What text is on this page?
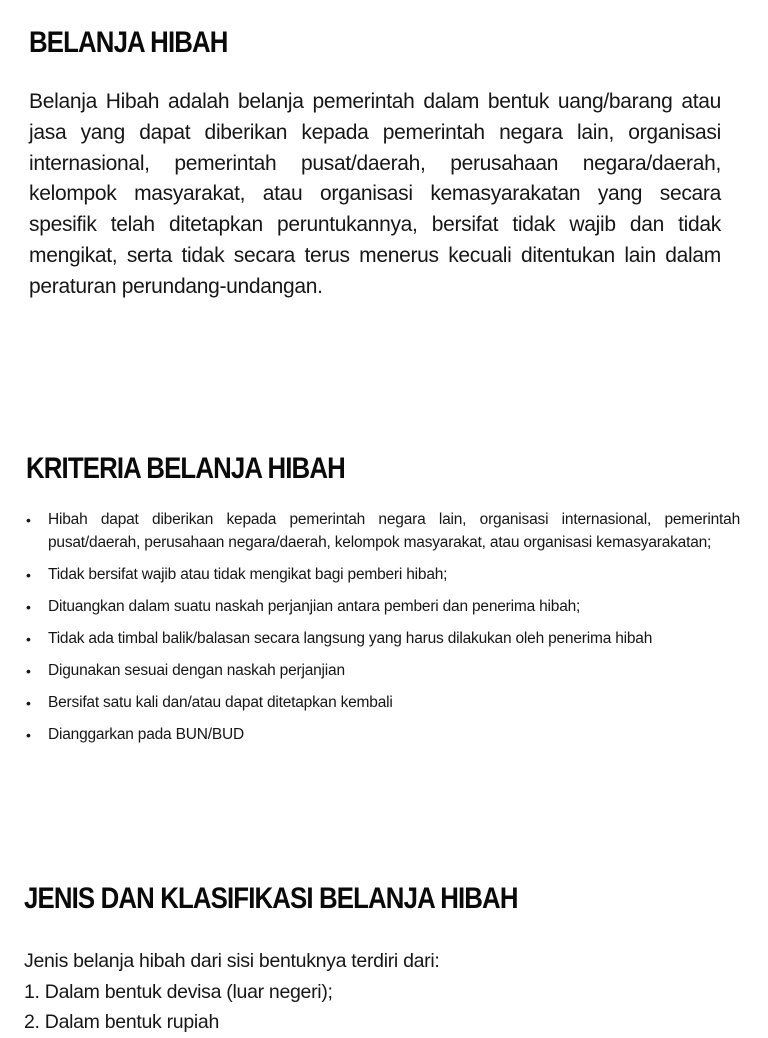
BELANJA HIBAH

Belanja Hibah adalah belanja pemerintah dalam bentuk uang/barang atau jasa yang dapat diberikan kepada pemerintah negara lain, organisasi internasional, pemerintah pusat/daerah, perusahaan negara/daerah, kelompok masyarakat, atau organisasi kemasyarakatan yang secara spesifik telah ditetapkan peruntukannya, bersifat tidak wajib dan tidak mengikat, serta tidak secara terus menerus kecuali ditentukan lain dalam peraturan perundang-undangan.

KRITERIA BELANJA HIBAH
• Hibah dapat diberikan kepada pemerintah negara lain, organisasi internasional, pemerintah pusat/daerah, perusahaan negara/daerah, kelompok masyarakat, atau organisasi kemasyarakatan;
• Tidak bersifat wajib atau tidak mengikat bagi pemberi hibah;
• Dituangkan dalam suatu naskah perjanjian antara pemberi dan penerima hibah;
• Tidak ada timbal balik/balasan secara langsung yang harus dilakukan oleh penerima hibah
• Digunakan sesuai dengan naskah perjanjian
• Bersifat satu kali dan/atau dapat ditetapkan kembali
• Dianggarkan pada BUN/BUD
JENIS DAN KLASIFIKASI BELANJA HIBAH
Jenis belanja hibah dari sisi bentuknya terdiri dari:
1. Dalam bentuk devisa (luar negeri);
2. Dalam bentuk rupiah
